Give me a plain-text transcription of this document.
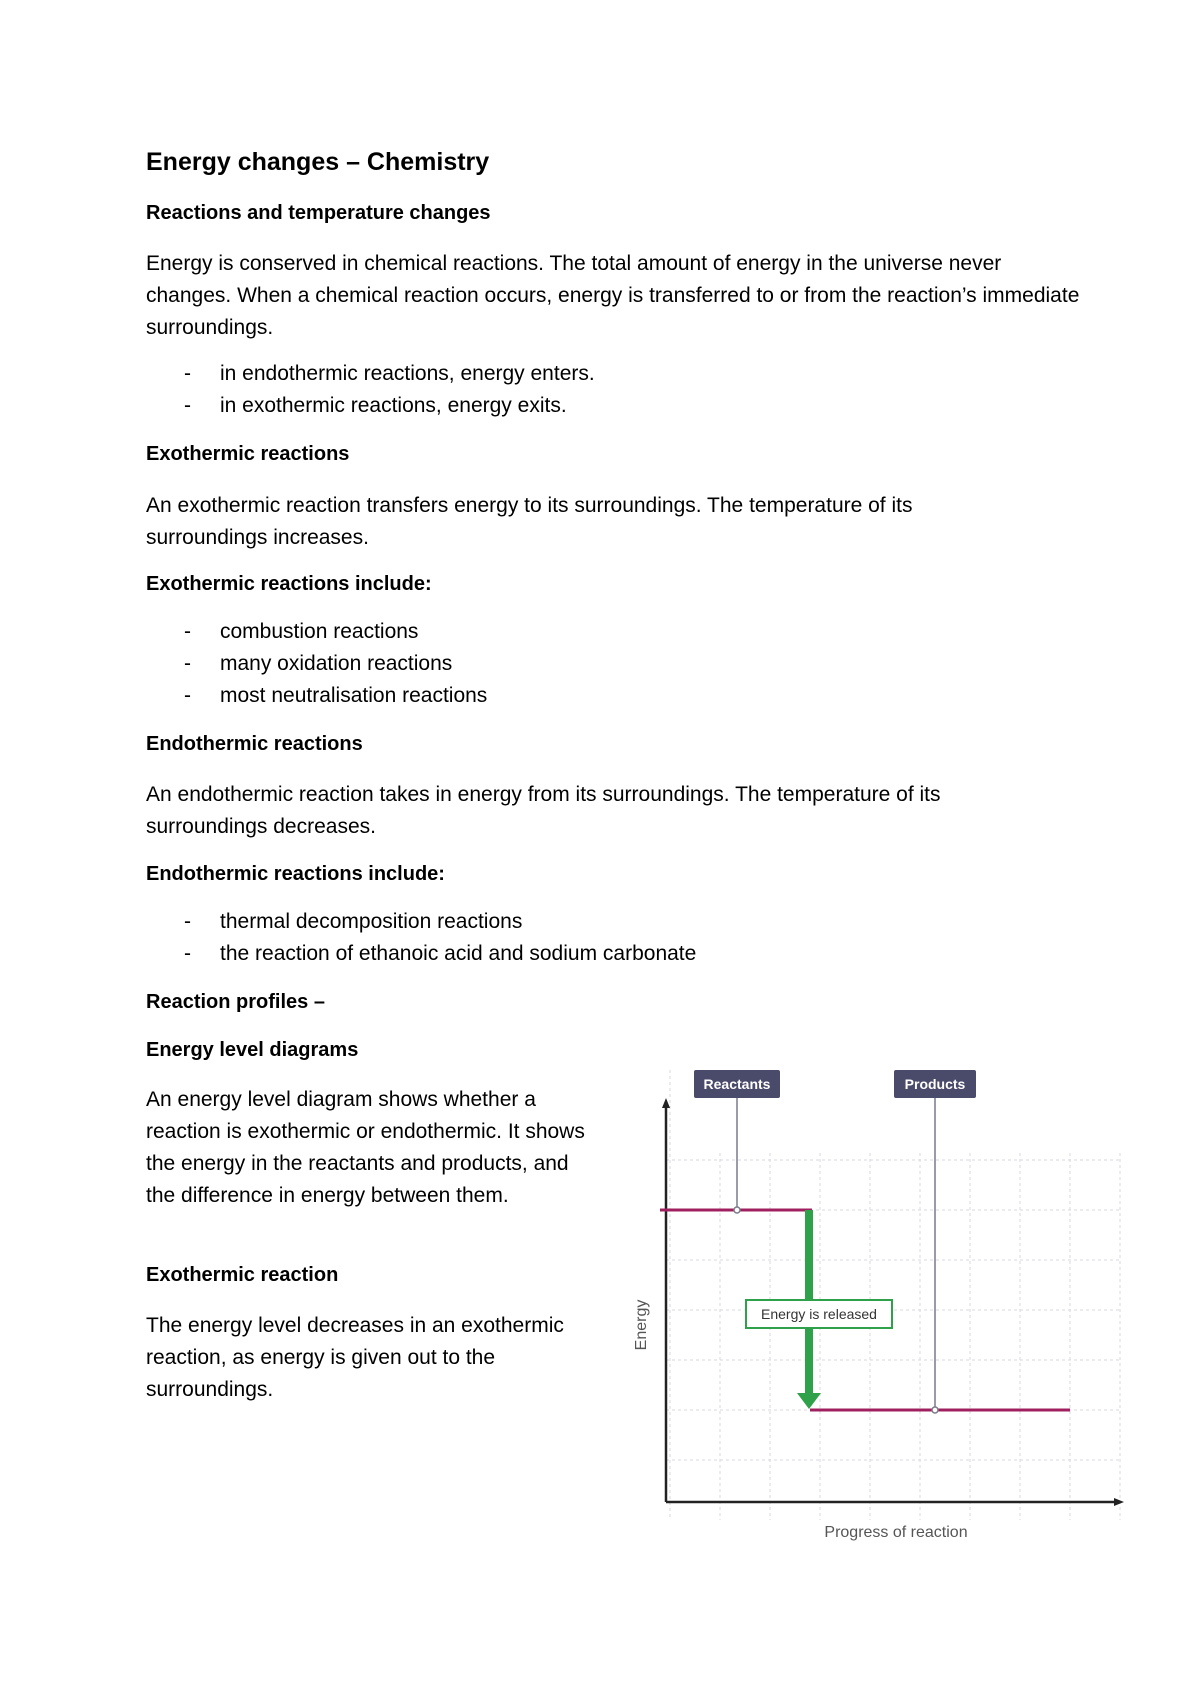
Energy changes – Chemistry
Reactions and temperature changes

Energy is conserved in chemical reactions. The total amount of energy in the universe never changes. When a chemical reaction occurs, energy is transferred to or from the reaction’s immediate surroundings.

- in endothermic reactions, energy enters.
- in exothermic reactions, energy exits.
Exothermic reactions

An exothermic reaction transfers energy to its surroundings. The temperature of its surroundings increases.

Exothermic reactions include:
- combustion reactions
- many oxidation reactions
- most neutralisation reactions
Endothermic reactions

An endothermic reaction takes in energy from its surroundings. The temperature of its surroundings decreases.

Endothermic reactions include:
- thermal decomposition reactions
- the reaction of ethanoic acid and sodium carbonate
Reaction profiles –
Energy level diagrams

An energy level diagram shows whether a reaction is exothermic or endothermic. It shows the energy in the reactants and products, and the difference in energy between them.

Exothermic reaction

The energy level decreases in an exothermic reaction, as energy is given out to the surroundings.

Reactants	Products
Energy is released
Energy
Progress of reaction
